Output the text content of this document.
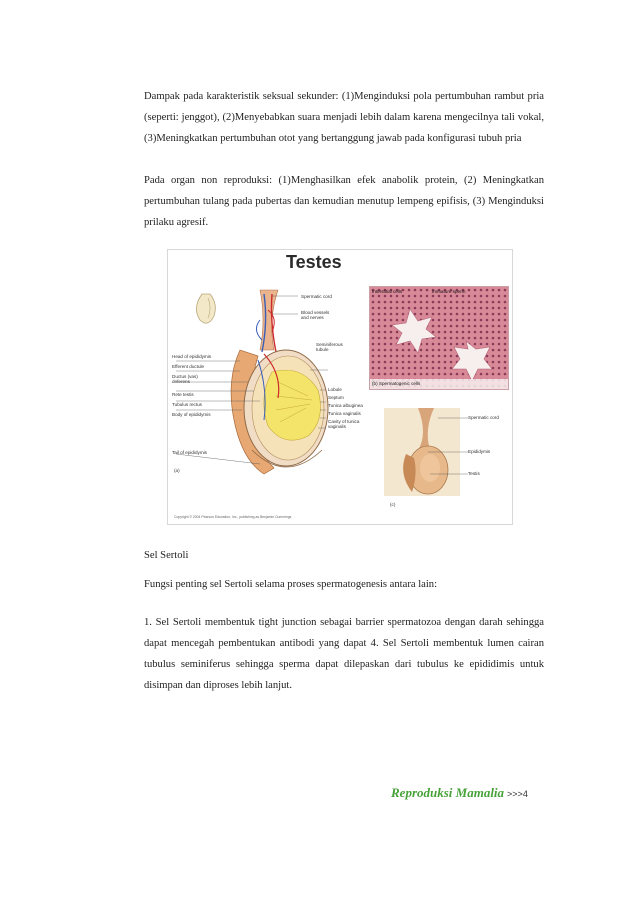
Dampak pada karakteristik seksual sekunder: (1)Menginduksi pola pertumbuhan rambut pria (seperti: jenggot), (2)Menyebabkan suara menjadi lebih dalam karena mengecilnya tali vokal, (3)Meningkatkan pertumbuhan otot yang bertanggung jawab pada konfigurasi tubuh pria

Pada organ non reproduksi: (1)Menghasilkan efek anabolik protein, (2) Meningkatkan pertumbuhan tulang pada pubertas dan kemudian menutup lempeng epifisis, (3) Menginduksi prilaku agresif.

Testes
Spermatic cord
Blood vessels and nerves
Seminiferous tubule
Head of epididymis
Efferent ductule
Ductus (vas) deferens
Rete testis
Tubulus rectus
Body of epididymis
Lobule
Septum
Tunica albuginea
Tunica vaginalis
Cavity of tunica vaginalis
Tail of epididymis
(a)
Interstitial cells	Immature sperm
(b) Spermatogenic cells
Spermatic cord
Epididymis
Testis
(c)
Copyright © 2004 Pearson Education, Inc., publishing as Benjamin Cummings

Sel Sertoli

Fungsi penting sel Sertoli selama proses spermatogenesis antara lain:

1. Sel Sertoli membentuk tight junction sebagai barrier spermatozoa dengan darah sehingga dapat mencegah pembentukan antibodi yang dapat 4. Sel Sertoli membentuk lumen cairan tubulus seminiferus sehingga sperma dapat dilepaskan dari tubulus ke epididimis untuk disimpan dan diproses lebih lanjut.

Reproduksi Mamalia >>>4
